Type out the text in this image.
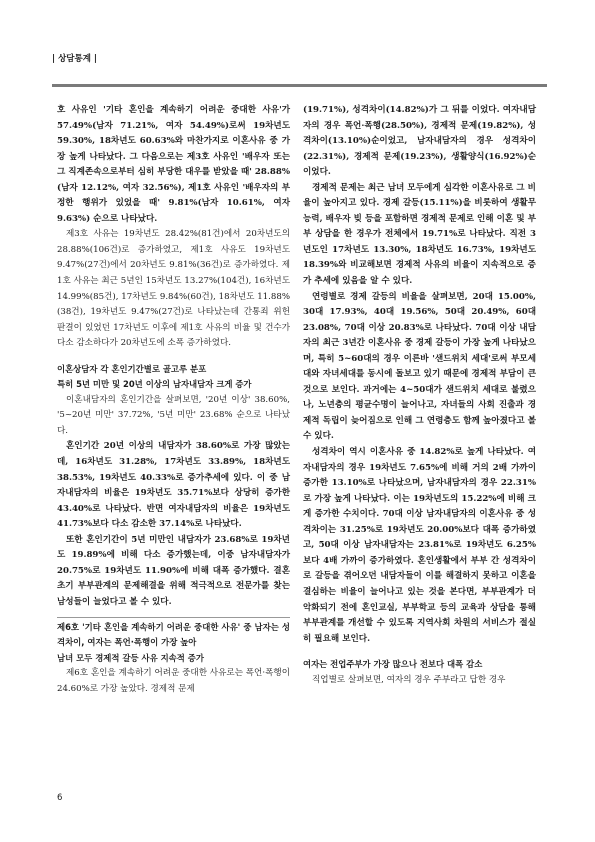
| 상담통계 |

호 사유인 '기타 혼인을 계속하기 어려운 중대한 사유'가 57.49%(남자 71.21%, 여자 54.49%)로써 19차년도 59.30%, 18차년도 60.63%와 마찬가지로 이혼사유 중 가장 높게 나타났다. 그 다음으로는 제3호 사유인 '배우자 또는 그 직계존속으로부터 심히 부당한 대우를 받았을 때' 28.88%(남자 12.12%, 여자 32.56%), 제1호 사유인 '배우자의 부정한 행위가 있었을 때' 9.81%(남자 10.61%, 여자 9.63%) 순으로 나타났다.

제3호 사유는 19차년도 28.42%(81건)에서 20차년도의 28.88%(106건)로 증가하였고, 제1호 사유도 19차년도 9.47%(27건)에서 20차년도 9.81%(36건)로 증가하였다. 제1호 사유는 최근 5년인 15차년도 13.27%(104건), 16차년도 14.99%(85건), 17차년도 9.84%(60건), 18차년도 11.88%(38건), 19차년도 9.47%(27건)로 나타났는데 간통죄 위헌 판결이 있었던 17차년도 이후에 제1호 사유의 비율 및 건수가 다소 감소하다가 20차년도에 소폭 증가하였다.

이혼상담자 각 혼인기간별로 골고루 분포
특히 5년 미만 및 20년 이상의 남자내담자 크게 증가

이혼내담자의 혼인기간을 살펴보면, '20년 이상' 38.60%, '5~20년 미만' 37.72%, '5년 미만' 23.68% 순으로 나타났다.

혼인기간 20년 이상의 내담자가 38.60%로 가장 많았는데, 16차년도 31.28%, 17차년도 33.89%, 18차년도 38.53%, 19차년도 40.33%로 증가추세에 있다. 이 중 남자내담자의 비율은 19차년도 35.71%보다 상당히 증가한 43.40%로 나타났다. 반면 여자내담자의 비율은 19차년도 41.73%보다 다소 감소한 37.14%로 나타났다.

또한 혼인기간이 5년 미만인 내담자가 23.68%로 19차년도 19.89%에 비해 다소 증가했는데, 이중 남자내담자가 20.75%로 19차년도 11.90%에 비해 대폭 증가했다. 결혼 초기 부부관계의 문제해결을 위해 적극적으로 전문가를 찾는 남성들이 늘었다고 볼 수 있다.

제6호 '기타 혼인을 계속하기 어려운 중대한 사유' 중 남자는 성격차이, 여자는 폭언·폭행이 가장 높아
남녀 모두 경제적 갈등 사유 지속적 증가

제6호 혼인을 계속하기 어려운 중대한 사유로는 폭언·폭행이 24.60%로 가장 높았다. 경제적 문제

(19.71%), 성격차이(14.82%)가 그 뒤를 이었다. 여자내담자의 경우 폭언·폭행(28.50%), 경제적 문제(19.82%), 성격차이(13.10%)순이었고, 남자내담자의 경우 성격차이(22.31%), 경제적 문제(19.23%), 생활양식(16.92%)순이었다.

경제적 문제는 최근 남녀 모두에게 심각한 이혼사유로 그 비율이 높아지고 있다. 경제 갈등(15.11%)을 비롯하여 생활무능력, 배우자 빚 등을 포함하면 경제적 문제로 인해 이혼 및 부부 상담을 한 경우가 전체에서 19.71%로 나타났다. 직전 3년도인 17차년도 13.30%, 18차년도 16.73%, 19차년도 18.39%와 비교해보면 경제적 사유의 비율이 지속적으로 증가 추세에 있음을 알 수 있다.

연령별로 경제 갈등의 비율을 살펴보면, 20대 15.00%, 30대 17.93%, 40대 19.56%, 50대 20.49%, 60대 23.08%, 70대 이상 20.83%로 나타났다. 70대 이상 내담자의 최근 3년간 이혼사유 중 경제 갈등이 가장 높게 나타났으며, 특히 5~60대의 경우 이른바 '샌드위치 세대'로써 부모세대와 자녀세대를 동시에 돌보고 있기 때문에 경제적 부담이 큰 것으로 보인다. 과거에는 4~50대가 샌드위치 세대로 불렸으나, 노년층의 평균수명이 늘어나고, 자녀들의 사회 진출과 경제적 독립이 늦어짐으로 인해 그 연령층도 함께 높아졌다고 볼 수 있다.

성격차이 역시 이혼사유 중 14.82%로 높게 나타났다. 여자내담자의 경우 19차년도 7.65%에 비해 거의 2배 가까이 증가한 13.10%로 나타났으며, 남자내담자의 경우 22.31%로 가장 높게 나타났다. 이는 19차년도의 15.22%에 비해 크게 증가한 수치이다. 70대 이상 남자내담자의 이혼사유 중 성격차이는 31.25%로 19차년도 20.00%보다 대폭 증가하였고, 50대 이상 남자내담자는 23.81%로 19차년도 6.25%보다 4배 가까이 증가하였다. 혼인생활에서 부부 간 성격차이로 갈등을 겪어오던 내담자들이 이를 해결하지 못하고 이혼을 결심하는 비율이 늘어나고 있는 것을 본다면, 부부관계가 더 악화되기 전에 혼인교실, 부부학교 등의 교육과 상담을 통해 부부관계를 개선할 수 있도록 지역사회 차원의 서비스가 절실히 필요해 보인다.

여자는 전업주부가 가장 많으나 전보다 대폭 감소

직업별로 살펴보면, 여자의 경우 주부라고 답한 경우

6
